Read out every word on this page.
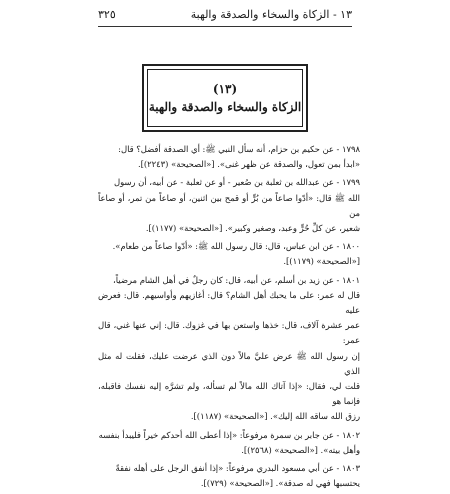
١٣ - الزكاة والسخاء والصدقة والهبة
٣٢٥
(١٣)
الزكاة والسخاء والصدقة والهبة

١٧٩٨ - عن حكيم بن حزام، أنه سأل النبي ﷺ: أي الصدقة أفضل؟ قال:

«ابدأ بمن تعول، والصدقة عن ظهر غنى». [«الصحيحة» (٢٢٤٣)].

١٧٩٩ - عن عبدالله بن ثعلبة بن صُعير - أو عن ثعلبة - عن أبيه، أن رسول

الله ﷺ قال: «أدّوا صاعاً من بُرٍّ أو قمح بين اثنين، أو صاعاً من تمر، أو صاعاً من

شعير، عن كلِّ حُرٍّ وعبد، وصغير وكبير». [«الصحيحة» (١١٧٧)].

١٨٠٠ - عن ابن عباس، قال: قال رسول الله ﷺ: «أدّوا صاعاً من طعام».

[«الصحيحة» (١١٧٩)].

١٨٠١ - عن زيد بن أسلم، عن أبيه، قال: كان رجلٌ في أهل الشام مرضياً،

قال له عمر: على ما يحبك أهل الشام؟ قال: أغازيهم وأواسيهم. قال: فعرض عليه

عمر عشرة آلاف، قال: خذها واستعن بها في غزوك. قال: إني عنها غني، قال عمر:

إن رسول الله ﷺ عرض عليَّ مالاً دون الذي عرضت عليك، فقلت له مثل الذي

قلت لي، فقال: «إذا آتاك الله مالاً لم تسأله، ولم تشرَّه إليه نفسك فاقبله، فإنما هو

رزق الله ساقه الله إليك». [«الصحيحة» (١١٨٧)].

١٨٠٢ - عن جابر بن سمرة مرفوعاً: «إذا أعطى الله أحدكم خيراً فليبدأ بنفسه

وأهل بيته». [«الصحيحة» (٢٥٦٨)].

١٨٠٣ - عن أبي مسعود البدري مرفوعاً: «إذا أنفق الرجل على أهله نفقةً

يحتسبها فهي له صدقة». [«الصحيحة» (٧٢٩)].
